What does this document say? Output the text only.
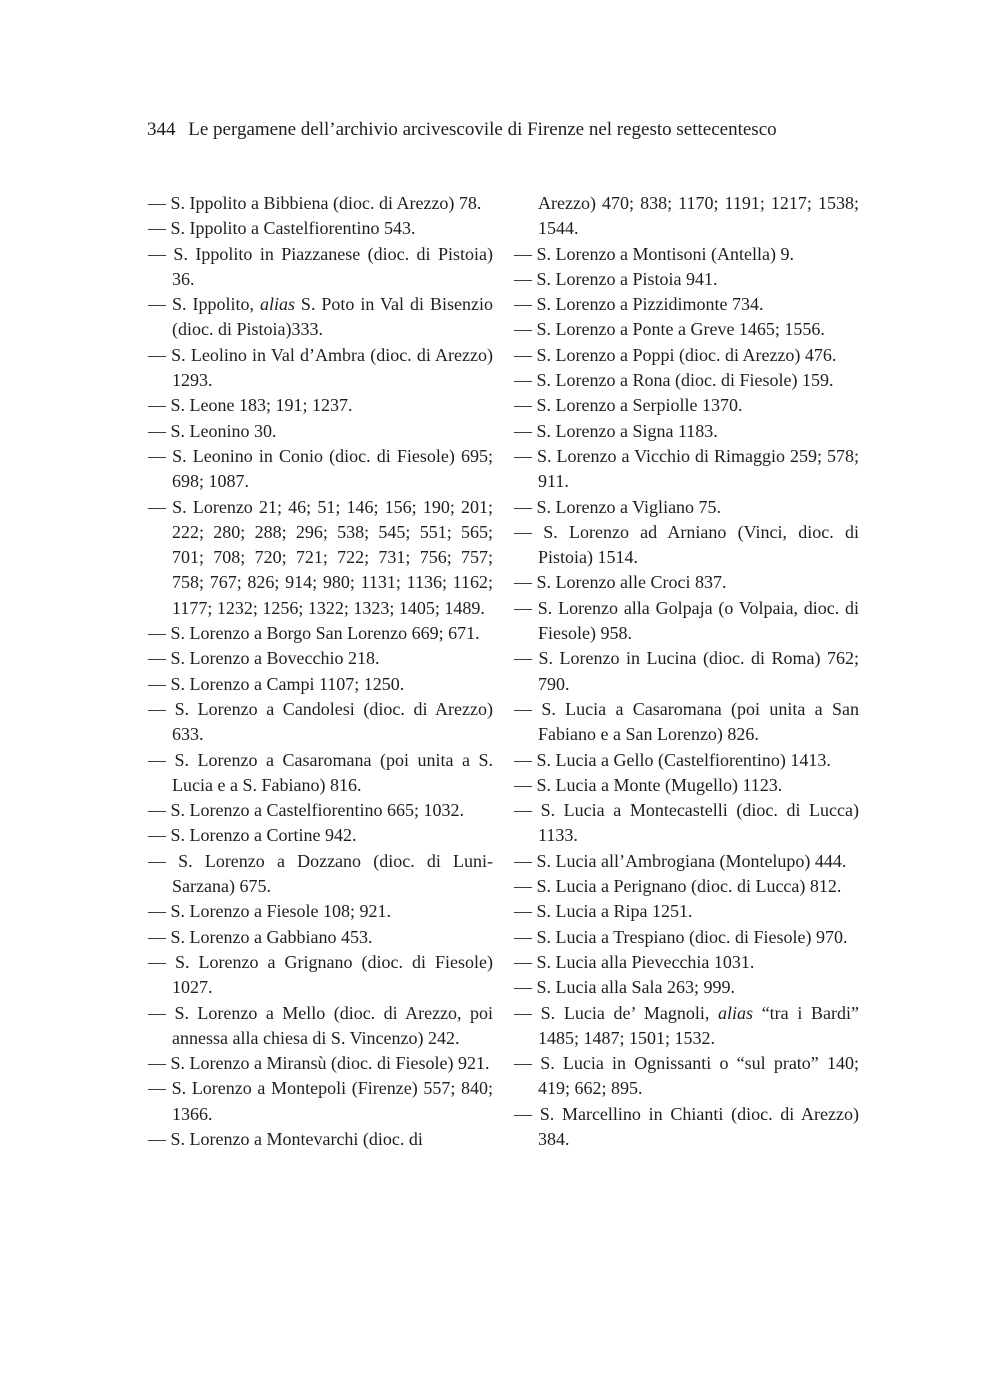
344 Le pergamene dell’archivio arcivescovile di Firenze nel regesto settecentesco

— S. Ippolito a Bibbiena (dioc. di Arezzo) 78.

— S. Ippolito a Castelfiorentino 543.

— S. Ippolito in Piazzanese (dioc. di Pistoia) 36.

— S. Ippolito, alias S. Poto in Val di Bisenzio (dioc. di Pistoia)333.

— S. Leolino in Val d’Ambra (dioc. di Arezzo) 1293.

— S. Leone 183; 191; 1237.

— S. Leonino 30.

— S. Leonino in Conio (dioc. di Fiesole) 695; 698; 1087.

— S. Lorenzo 21; 46; 51; 146; 156; 190; 201; 222; 280; 288; 296; 538; 545; 551; 565; 701; 708; 720; 721; 722; 731; 756; 757; 758; 767; 826; 914; 980; 1131; 1136; 1162; 1177; 1232; 1256; 1322; 1323; 1405; 1489.

— S. Lorenzo a Borgo San Lorenzo 669; 671.

— S. Lorenzo a Bovecchio 218.

— S. Lorenzo a Campi 1107; 1250.

— S. Lorenzo a Candolesi (dioc. di Arezzo) 633.

— S. Lorenzo a Casaromana (poi unita a S. Lucia e a S. Fabiano) 816.

— S. Lorenzo a Castelfiorentino 665; 1032.

— S. Lorenzo a Cortine 942.

— S. Lorenzo a Dozzano (dioc. di Luni-Sarzana) 675.

— S. Lorenzo a Fiesole 108; 921.

— S. Lorenzo a Gabbiano 453.

— S. Lorenzo a Grignano (dioc. di Fiesole) 1027.

— S. Lorenzo a Mello (dioc. di Arezzo, poi annessa alla chiesa di S. Vincenzo) 242.

— S. Lorenzo a Miransù (dioc. di Fiesole) 921.

— S. Lorenzo a Montepoli (Firenze) 557; 840; 1366.

— S. Lorenzo a Montevarchi (dioc. di

Arezzo) 470; 838; 1170; 1191; 1217; 1538; 1544.

— S. Lorenzo a Montisoni (Antella) 9.

— S. Lorenzo a Pistoia 941.

— S. Lorenzo a Pizzidimonte 734.

— S. Lorenzo a Ponte a Greve 1465; 1556.

— S. Lorenzo a Poppi (dioc. di Arezzo) 476.

— S. Lorenzo a Rona (dioc. di Fiesole) 159.

— S. Lorenzo a Serpiolle 1370.

— S. Lorenzo a Signa 1183.

— S. Lorenzo a Vicchio di Rimaggio 259; 578; 911.

— S. Lorenzo a Vigliano 75.

— S. Lorenzo ad Arniano (Vinci, dioc. di Pistoia) 1514.

— S. Lorenzo alle Croci 837.

— S. Lorenzo alla Golpaja (o Volpaia, dioc. di Fiesole) 958.

— S. Lorenzo in Lucina (dioc. di Roma) 762; 790.

— S. Lucia a Casaromana (poi unita a San Fabiano e a San Lorenzo) 826.

— S. Lucia a Gello (Castelfiorentino) 1413.

— S. Lucia a Monte (Mugello) 1123.

— S. Lucia a Montecastelli (dioc. di Lucca) 1133.

— S. Lucia all’Ambrogiana (Montelupo) 444.

— S. Lucia a Perignano (dioc. di Lucca) 812.

— S. Lucia a Ripa 1251.

— S. Lucia a Trespiano (dioc. di Fiesole) 970.

— S. Lucia alla Pievecchia 1031.

— S. Lucia alla Sala 263; 999.

— S. Lucia de’ Magnoli, alias “tra i Bardi” 1485; 1487; 1501; 1532.

— S. Lucia in Ognissanti o “sul prato” 140; 419; 662; 895.

— S. Marcellino in Chianti (dioc. di Arezzo) 384.
